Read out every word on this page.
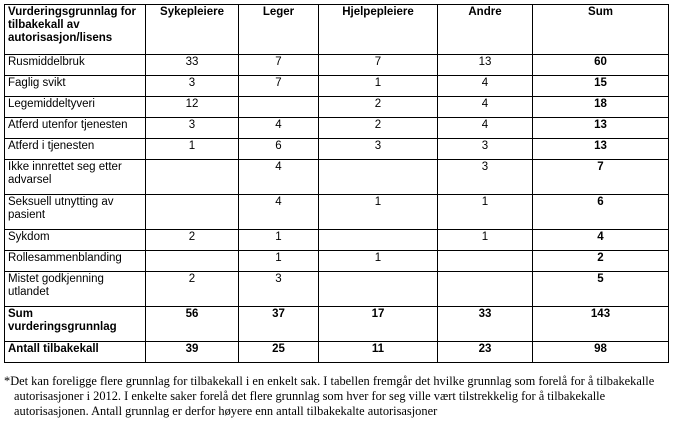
Vurderingsgrunnlag for tilbakekall av autorisasjon/lisens	Sykepleiere	Leger	Hjelpepleiere	Andre	Sum
Rusmiddelbruk	33	7	7	13	60
Faglig svikt	3	7	1	4	15
Legemiddeltyveri	12		2	4	18
Atferd utenfor tjenesten	3	4	2	4	13
Atferd i tjenesten	1	6	3	3	13
Ikke innrettet seg etter advarsel		4		3	7
Seksuell utnytting av pasient		4	1	1	6
Sykdom	2	1		1	4
Rollesammenblanding		1	1		2
Mistet godkjenning utlandet	2	3			5
Sum vurderingsgrunnlag	56	37	17	33	143
Antall tilbakekall	39	25	11	23	98

*Det kan foreligge flere grunnlag for tilbakekall i en enkelt sak. I tabellen fremgår det hvilke grunnlag som forelå for å tilbakekalle autorisasjoner i 2012. I enkelte saker forelå det flere grunnlag som hver for seg ville vært tilstrekkelig for å tilbakekalle autorisasjonen. Antall grunnlag er derfor høyere enn antall tilbakekalte autorisasjoner
